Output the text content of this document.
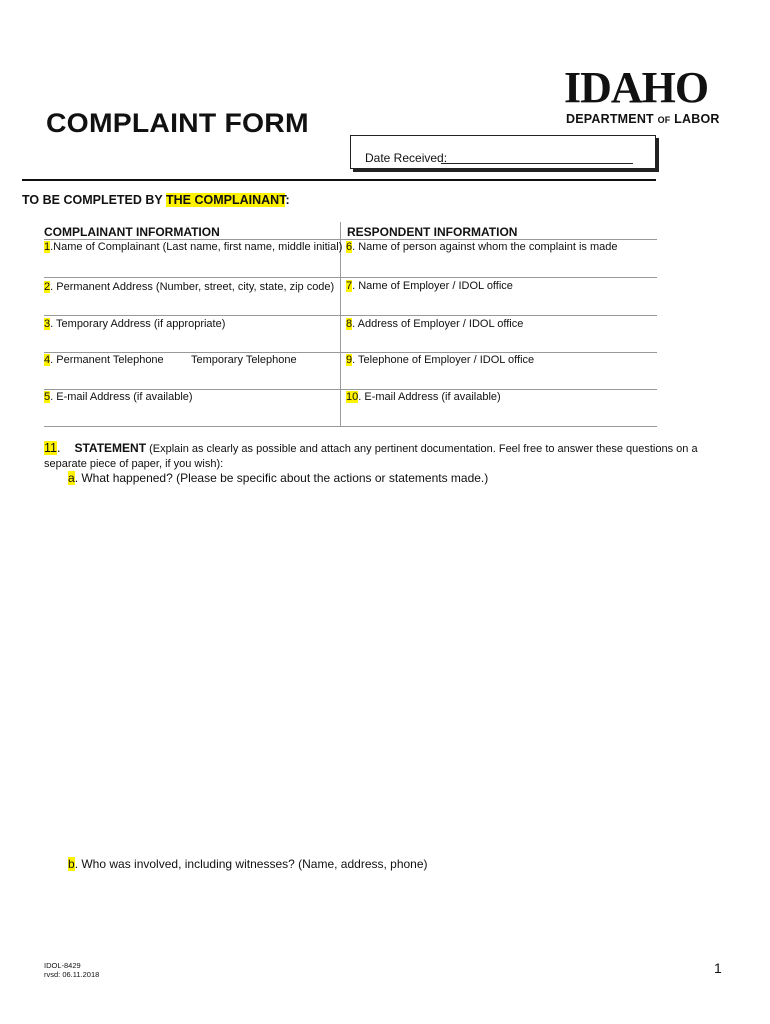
COMPLAINT FORM
IDAHO
DEPARTMENT OF LABOR
Date Received:
TO BE COMPLETED BY THE COMPLAINANT:
COMPLAINANT INFORMATION	RESPONDENT INFORMATION
1.Name of Complainant (Last name, first name, middle initial)
2. Permanent Address (Number, street, city, state, zip code)
3. Temporary Address (if appropriate)
4. Permanent Telephone Temporary Telephone
5. E-mail Address (if available)
6. Name of person against whom the complaint is made
7. Name of Employer / IDOL office
8. Address of Employer / IDOL office
9. Telephone of Employer / IDOL office
10. E-mail Address (if available)
11. STATEMENT (Explain as clearly as possible and attach any pertinent documentation. Feel free to answer these questions on a separate piece of paper, if you wish):
a. What happened? (Please be specific about the actions or statements made.)
b. Who was involved, including witnesses? (Name, address, phone)
IDOL-8429
rvsd: 06.11.2018	1
